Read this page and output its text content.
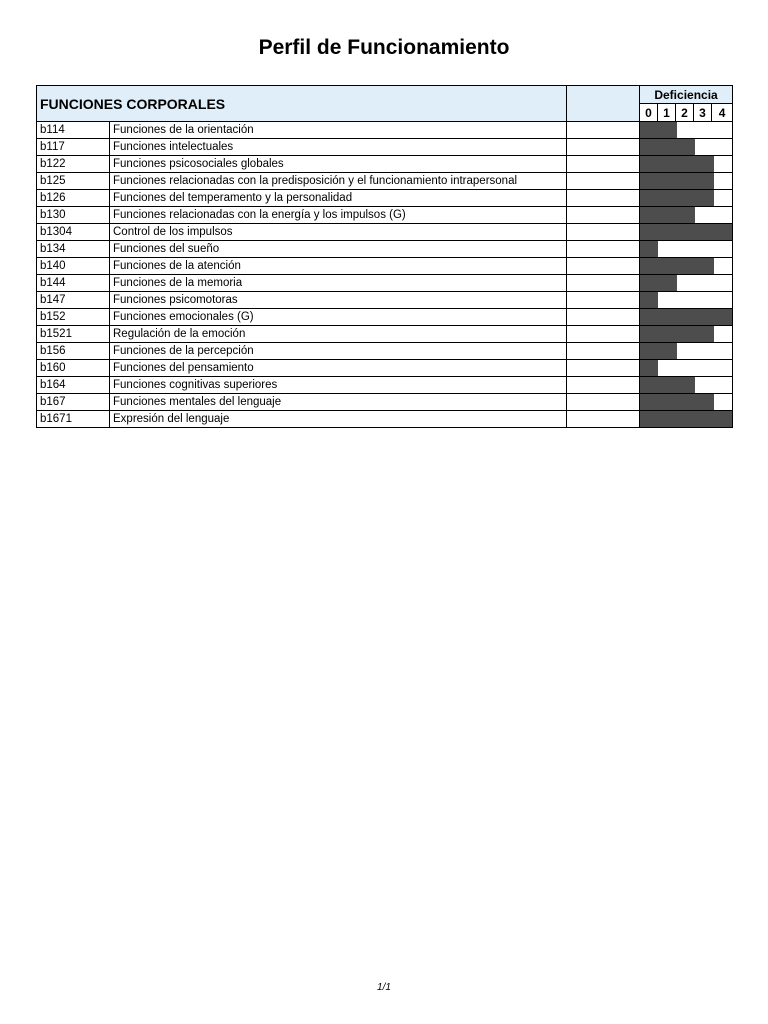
Perfil de Funcionamiento
FUNCIONES CORPORALES			Deficiencia				
			0	1	2	3	4
b114	Funciones de la orientación						

b117	Funciones intelectuales						

b122	Funciones psicosociales globales						

b125	Funciones relacionadas con la predisposición y el funcionamiento intrapersonal						

b126	Funciones del temperamento y la personalidad						

b130	Funciones relacionadas con la energía y los impulsos (G)						

b1304	Control de los impulsos						

b134	Funciones del sueño						

b140	Funciones de la atención						

b144	Funciones de la memoria						

b147	Funciones psicomotoras						

b152	Funciones emocionales (G)						

b1521	Regulación de la emoción						

b156	Funciones de la percepción						

b160	Funciones del pensamiento						

b164	Funciones cognitivas superiores						

b167	Funciones mentales del lenguaje						

b1671	Expresión del lenguaje						
1/1
